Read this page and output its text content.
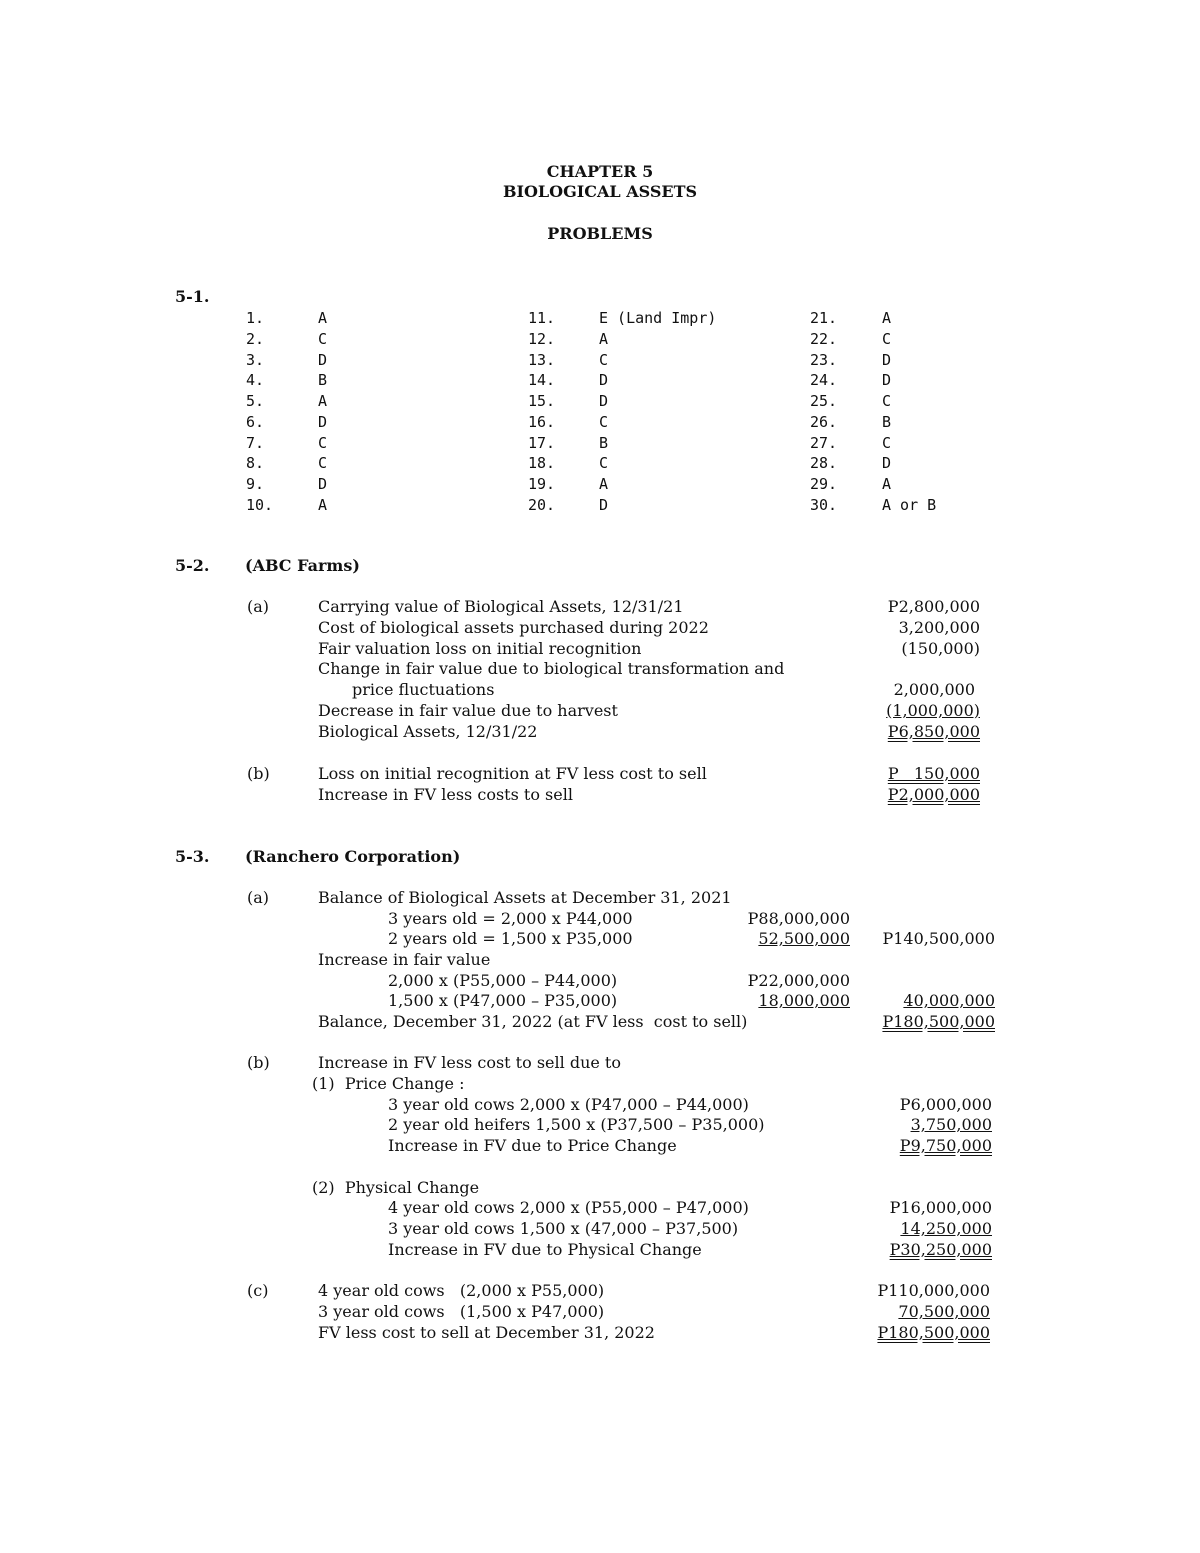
CHAPTER 5
BIOLOGICAL ASSETS
PROBLEMS
5-1.
1.	A
2.	C
3.	D
4.	B
5.	A
6.	D
7.	C
8.	C
9.	D
10.	A
11.	E (Land Impr)
12.	A
13.	C
14.	D
15.	D
16.	C
17.	B
18.	C
19.	A
20.	D
21.	A
22.	C
23.	D
24.	D
25.	C
26.	B
27.	C
28.	D
29.	A
30.	A or B
5-2. (ABC Farms)
(a)	Carrying value of Biological Assets, 12/31/21	P2,800,000
Cost of biological assets purchased during 2022	3,200,000
Fair valuation loss on initial recognition	(150,000)
Change in fair value due to biological transformation and
price fluctuations	2,000,000
Decrease in fair value due to harvest	(1,000,000)
Biological Assets, 12/31/22	P6,850,000
(b)	Loss on initial recognition at FV less cost to sell	P   150,000
Increase in FV less costs to sell	P2,000,000
5-3. (Ranchero Corporation)
(a)	Balance of Biological Assets at December 31, 2021
3 years old = 2,000 x P44,000	P88,000,000
2 years old = 1,500 x P35,000	52,500,000	P140,500,000
Increase in fair value
2,000 x (P55,000 – P44,000)	P22,000,000
1,500 x (P47,000 – P35,000)	18,000,000	40,000,000
Balance, December 31, 2022 (at FV less  cost to sell)	P180,500,000
(b)	Increase in FV less cost to sell due to
(1)  Price Change :
3 year old cows 2,000 x (P47,000 – P44,000)	P6,000,000
2 year old heifers 1,500 x (P37,500 – P35,000)	3,750,000
Increase in FV due to Price Change	P9,750,000
(2)  Physical Change
4 year old cows 2,000 x (P55,000 – P47,000)	P16,000,000
3 year old cows 1,500 x (47,000 – P37,500)	14,250,000
Increase in FV due to Physical Change	P30,250,000
(c)	4 year old cows   (2,000 x P55,000)	P110,000,000
3 year old cows   (1,500 x P47,000)	70,500,000
FV less cost to sell at December 31, 2022	P180,500,000
